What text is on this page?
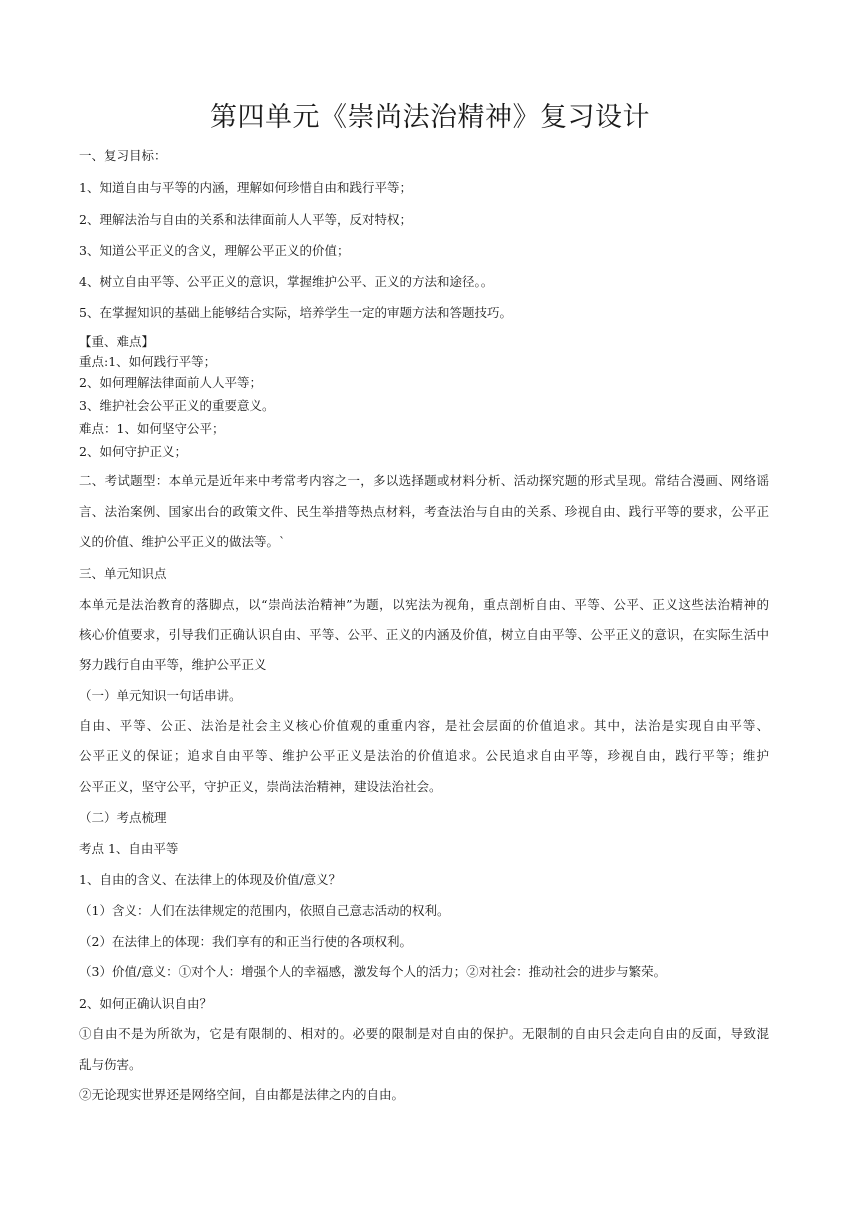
第四单元《崇尚法治精神》复习设计
一、复习目标：
1、知道自由与平等的内涵，理解如何珍惜自由和践行平等；
2、理解法治与自由的关系和法律面前人人平等，反对特权；
3、知道公平正义的含义，理解公平正义的价值；
4、树立自由平等、公平正义的意识，掌握维护公平、正义的方法和途径。。
5、在掌握知识的基础上能够结合实际，培养学生一定的审题方法和答题技巧。
【重、难点】
重点:1、如何践行平等；
2、如何理解法律面前人人平等；
3、维护社会公平正义的重要意义。
难点：1、如何坚守公平；
2、如何守护正义；
二、考试题型：本单元是近年来中考常考内容之一，多以选择题或材料分析、活动探究题的形式呈现。常结合漫画、网络谣
言、法治案例、国家出台的政策文件、民生举措等热点材料，考查法治与自由的关系、珍视自由、践行平等的要求，公平正
义的价值、维护公平正义的做法等。`
三、单元知识点
本单元是法治教育的落脚点，以“崇尚法治精神”为题，以宪法为视角，重点剖析自由、平等、公平、正义这些法治精神的
核心价值要求，引导我们正确认识自由、平等、公平、正义的内涵及价值，树立自由平等、公平正义的意识，在实际生活中
努力践行自由平等，维护公平正义
（一）单元知识一句话串讲。
自由、平等、公正、法治是社会主义核心价值观的重重内容，是社会层面的价值追求。其中，法治是实现自由平等、
公平正义的保证；追求自由平等、维护公平正义是法治的价值追求。公民追求自由平等，珍视自由，践行平等；维护
公平正义，坚守公平，守护正义，崇尚法治精神，建设法治社会。
（二）考点梳理
考点 1、自由平等
1、自由的含义、在法律上的体现及价值/意义？
（1）含义：人们在法律规定的范围内，依照自己意志活动的权利。
（2）在法律上的体现：我们享有的和正当行使的各项权利。
（3）价值/意义：①对个人：增强个人的幸福感，激发每个人的活力；②对社会：推动社会的进步与繁荣。
2、如何正确认识自由？
①自由不是为所欲为，它是有限制的、相对的。必要的限制是对自由的保护。无限制的自由只会走向自由的反面，导致混
乱与伤害。
②无论现实世界还是网络空间，自由都是法律之内的自由。
